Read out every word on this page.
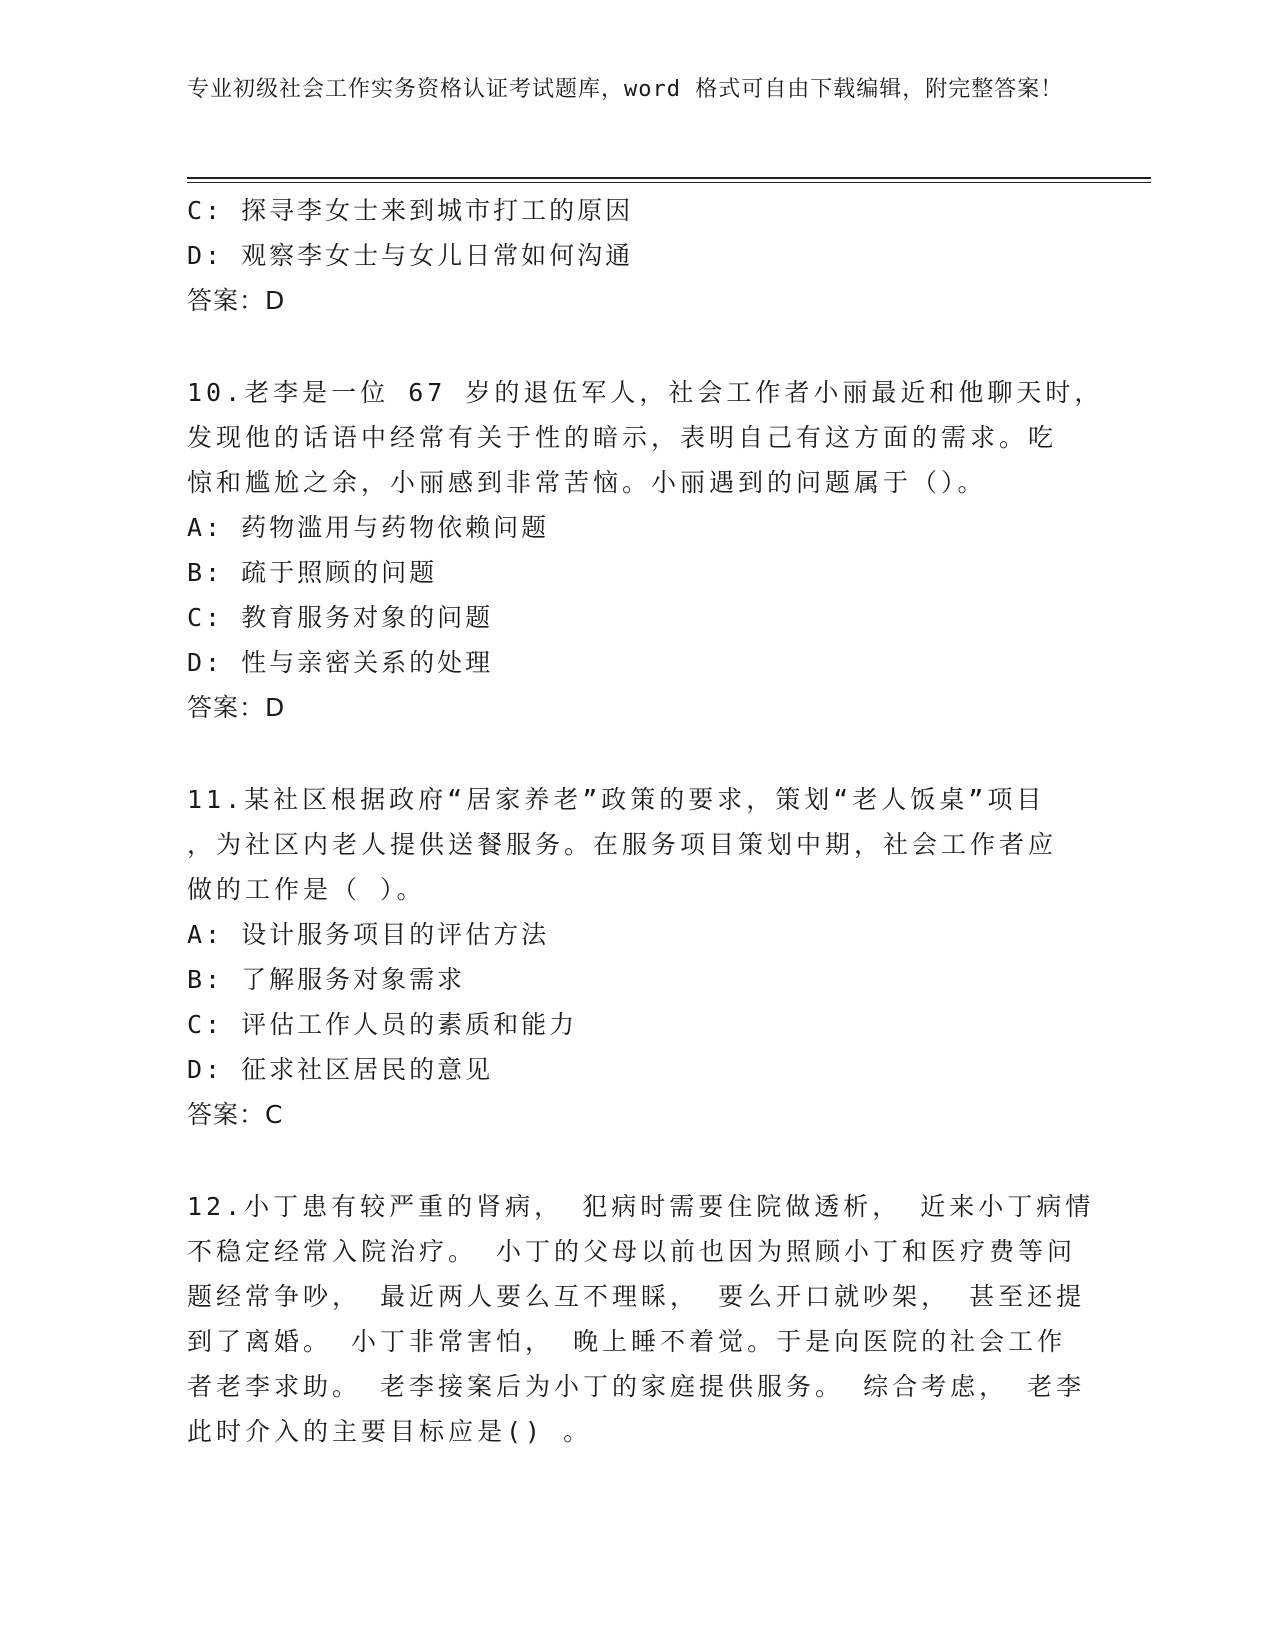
专业初级社会工作实务资格认证考试题库，word 格式可自由下载编辑，附完整答案！
C: 探寻李女士来到城市打工的原因
D: 观察李女士与女儿日常如何沟通
答案：D
10.老李是一位 67 岁的退伍军人，社会工作者小丽最近和他聊天时，
发现他的话语中经常有关于性的暗示，表明自己有这方面的需求。吃
惊和尴尬之余，小丽感到非常苦恼。小丽遇到的问题属于（）。
A: 药物滥用与药物依赖问题
B: 疏于照顾的问题
C: 教育服务对象的问题
D: 性与亲密关系的处理
答案：D
11.某社区根据政府“居家养老”政策的要求，策划“老人饭桌”项目
，为社区内老人提供送餐服务。在服务项目策划中期，社会工作者应
做的工作是（ ）。
A: 设计服务项目的评估方法
B: 了解服务对象需求
C: 评估工作人员的素质和能力
D: 征求社区居民的意见
答案：C
12.小丁患有较严重的肾病， 犯病时需要住院做透析， 近来小丁病情
不稳定经常入院治疗。 小丁的父母以前也因为照顾小丁和医疗费等问
题经常争吵， 最近两人要么互不理睬， 要么开口就吵架， 甚至还提
到了离婚。 小丁非常害怕， 晚上睡不着觉。于是向医院的社会工作
者老李求助。 老李接案后为小丁的家庭提供服务。 综合考虑， 老李
此时介入的主要目标应是() 。
